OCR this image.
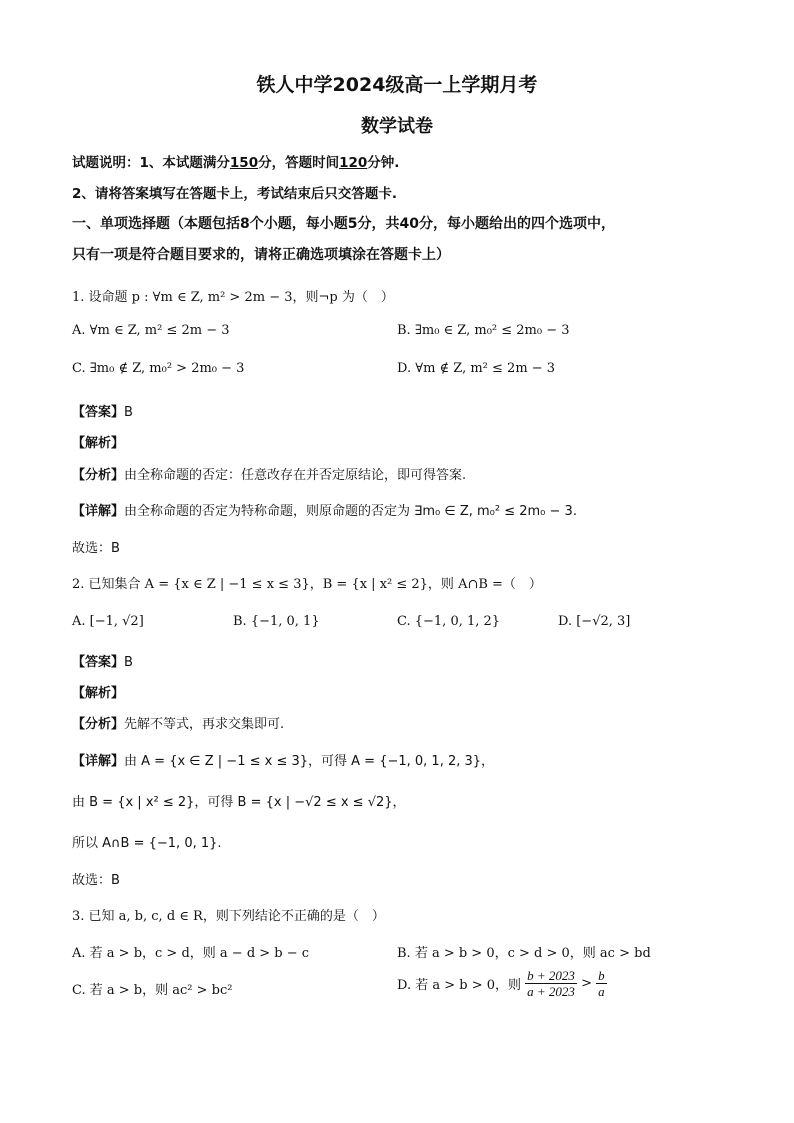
铁人中学2024级高一上学期月考
数学试卷
试题说明：1、本试题满分150分，答题时间120分钟.
2、请将答案填写在答题卡上，考试结束后只交答题卡.
一、单项选择题（本题包括8个小题，每小题5分，共40分，每小题给出的四个选项中，
只有一项是符合题目要求的，请将正确选项填涂在答题卡上）
1. 设命题 p : ∀m ∈ Z, m² > 2m − 3，则¬p 为（　）
A. ∀m ∈ Z, m² ≤ 2m − 3	B. ∃m₀ ∈ Z, m₀² ≤ 2m₀ − 3
C. ∃m₀ ∉ Z, m₀² > 2m₀ − 3	D. ∀m ∉ Z, m² ≤ 2m − 3
【答案】B
【解析】
【分析】由全称命题的否定：任意改存在并否定原结论，即可得答案.
【详解】由全称命题的否定为特称命题，则原命题的否定为 ∃m₀ ∈ Z, m₀² ≤ 2m₀ − 3.
故选：B
2. 已知集合 A = {x ∈ Z | −1 ≤ x ≤ 3}，B = {x | x² ≤ 2}，则 A∩B =（　）
A. [−1, √2]	B. {−1, 0, 1}	C. {−1, 0, 1, 2}	D. [−√2, 3]
【答案】B
【解析】
【分析】先解不等式，再求交集即可.
【详解】由 A = {x ∈ Z | −1 ≤ x ≤ 3}，可得 A = {−1, 0, 1, 2, 3}，
由 B = {x | x² ≤ 2}，可得 B = {x | −√2 ≤ x ≤ √2}，
所以 A∩B = {−1, 0, 1}.
故选：B
3. 已知 a, b, c, d ∈ R，则下列结论不正确的是（　）
A. 若 a > b，c > d，则 a − d > b − c	B. 若 a > b > 0，c > d > 0，则 ac > bd
C. 若 a > b，则 ac² > bc²	D. 若 a > b > 0，则 $\frac{b + 2023}{a + 2023} > \frac{b}{a}$
